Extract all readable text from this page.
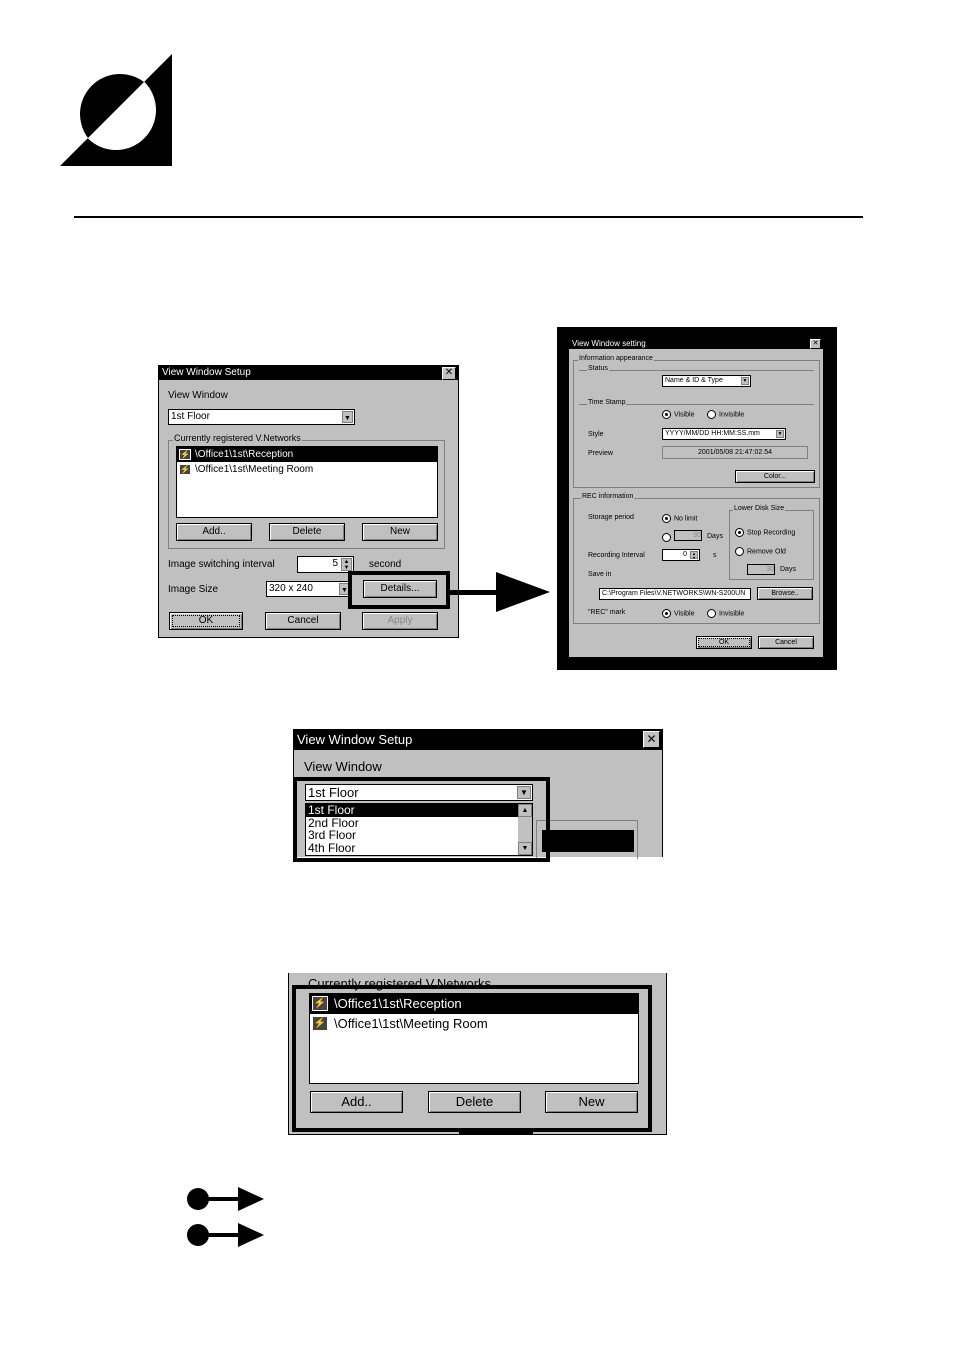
View Window Setup	✕
View Window
1st Floor	▼
Currently registered V.Networks
⚡ \Office1\1st\Reception
⚡ \Office1\1st\Meeting Room
Add..	Delete	New
Image switching interval	5 ▲
▼ second
Image Size	320 x 240	▼	Details...
OK	Cancel	Apply
View Window setting	✕
Information appearance
Status
Name & ID & Type	▼
Time Stamp
Visible	Invisible
Style	YYYY/MM/DD HH:MM:SS.mm	▼
Preview	2001/05/08 21:47:02.54
Color...
REC information
Storage period	No limit
30 Days
Lower Disk Size
Stop Recording
Remove Old
30 Days
Recording Interval	0	▲
▼ s
Save in
C:\Program Files\V.NETWORKS\WN-S200UN	Browse..
"REC" mark	Visible	Invisible
OK	Cancel
View Window Setup	✕
View Window
1st Floor	▼
1st Floor
2nd Floor
3rd Floor
4th Floor
▲
▼
Currently registered V.Networks
⚡ \Office1\1st\Reception
⚡ \Office1\1st\Meeting Room
Add..	Delete	New
